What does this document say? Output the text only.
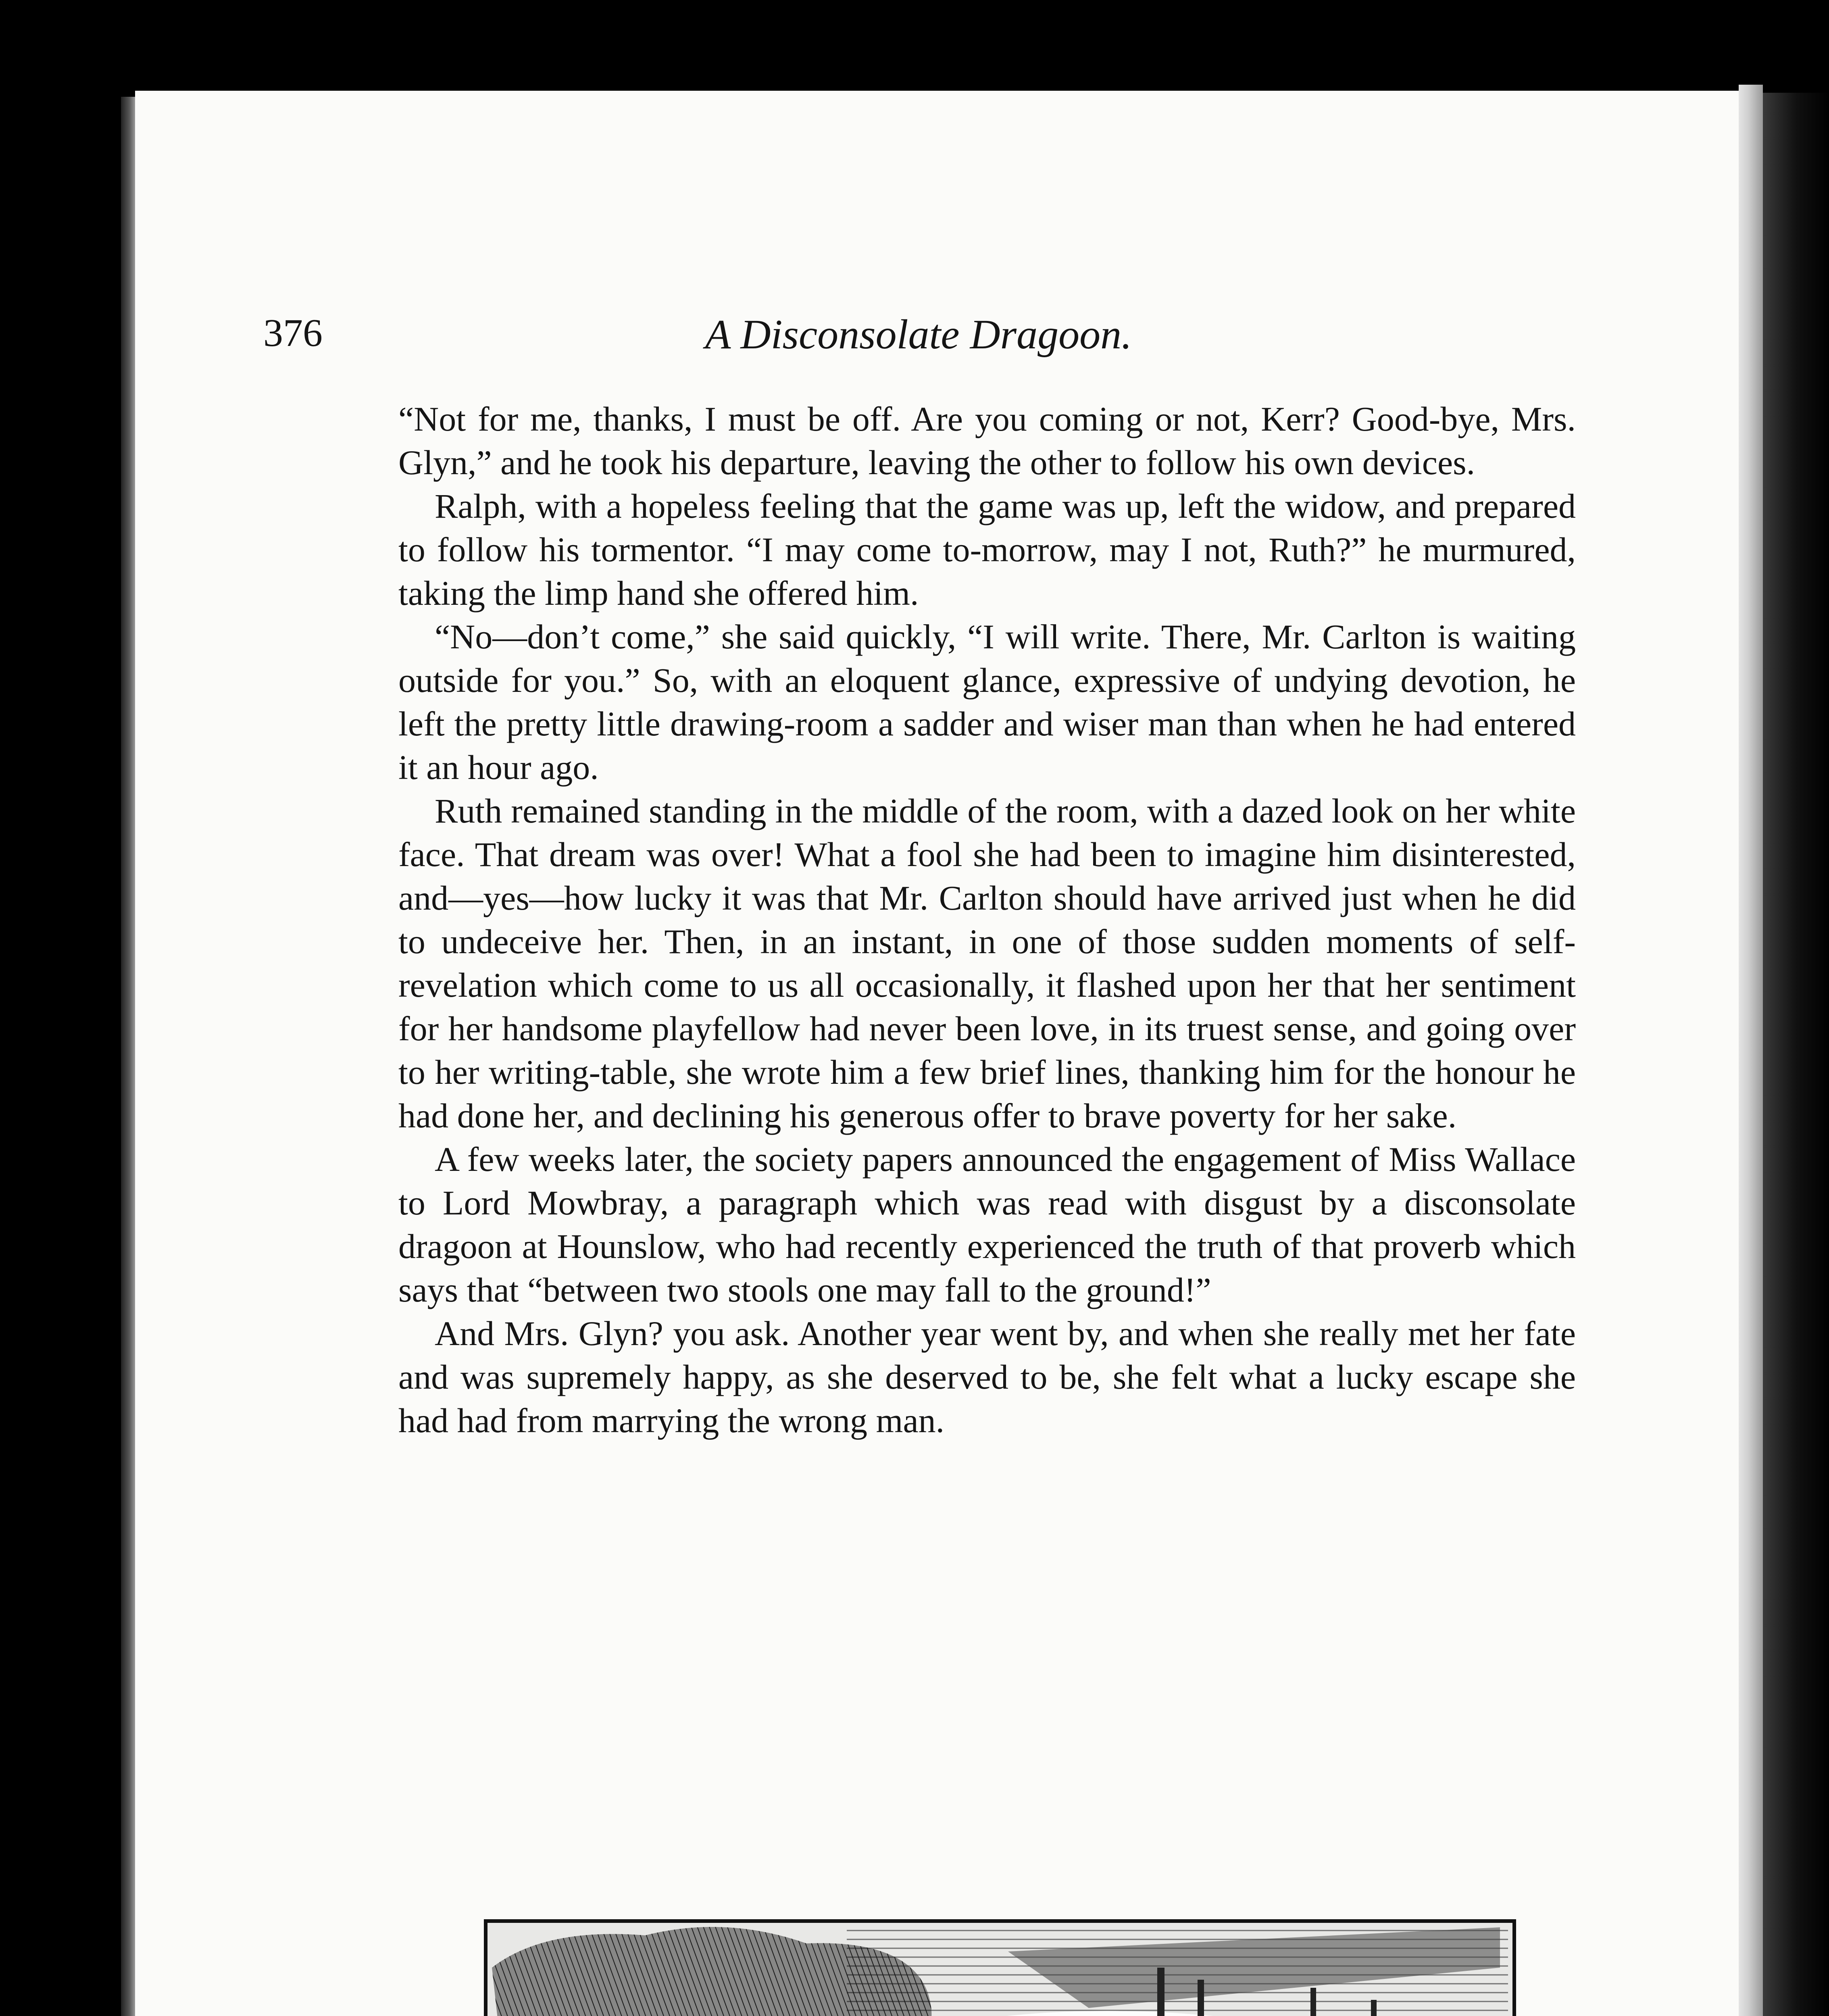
376	A Disconsolate Dragoon.

“Not for me, thanks, I must be off. Are you coming or not, Kerr? Good-bye, Mrs. Glyn,” and he took his departure, leaving the other to follow his own devices.

Ralph, with a hopeless feeling that the game was up, left the widow, and prepared to follow his tormentor. “I may come to-morrow, may I not, Ruth?” he murmured, taking the limp hand she offered him.

“No—don’t come,” she said quickly, “I will write. There, Mr. Carlton is waiting outside for you.” So, with an eloquent glance, expressive of undying devotion, he left the pretty little drawing-room a sadder and wiser man than when he had entered it an hour ago.

Ruth remained standing in the middle of the room, with a dazed look on her white face. That dream was over! What a fool she had been to imagine him disinterested, and—yes—how lucky it was that Mr. Carlton should have arrived just when he did to undeceive her. Then, in an instant, in one of those sudden moments of self-revelation which come to us all occasionally, it flashed upon her that her sentiment for her handsome playfellow had never been love, in its truest sense, and going over to her writing-table, she wrote him a few brief lines, thanking him for the honour he had done her, and declining his generous offer to brave poverty for her sake.

A few weeks later, the society papers announced the engagement of Miss Wallace to Lord Mowbray, a paragraph which was read with disgust by a disconsolate dragoon at Hounslow, who had recently experienced the truth of that proverb which says that “between two stools one may fall to the ground!”

And Mrs. Glyn? you ask. Another year went by, and when she really met her fate and was supremely happy, as she deserved to be, she felt what a lucky escape she had had from marrying the wrong man.
